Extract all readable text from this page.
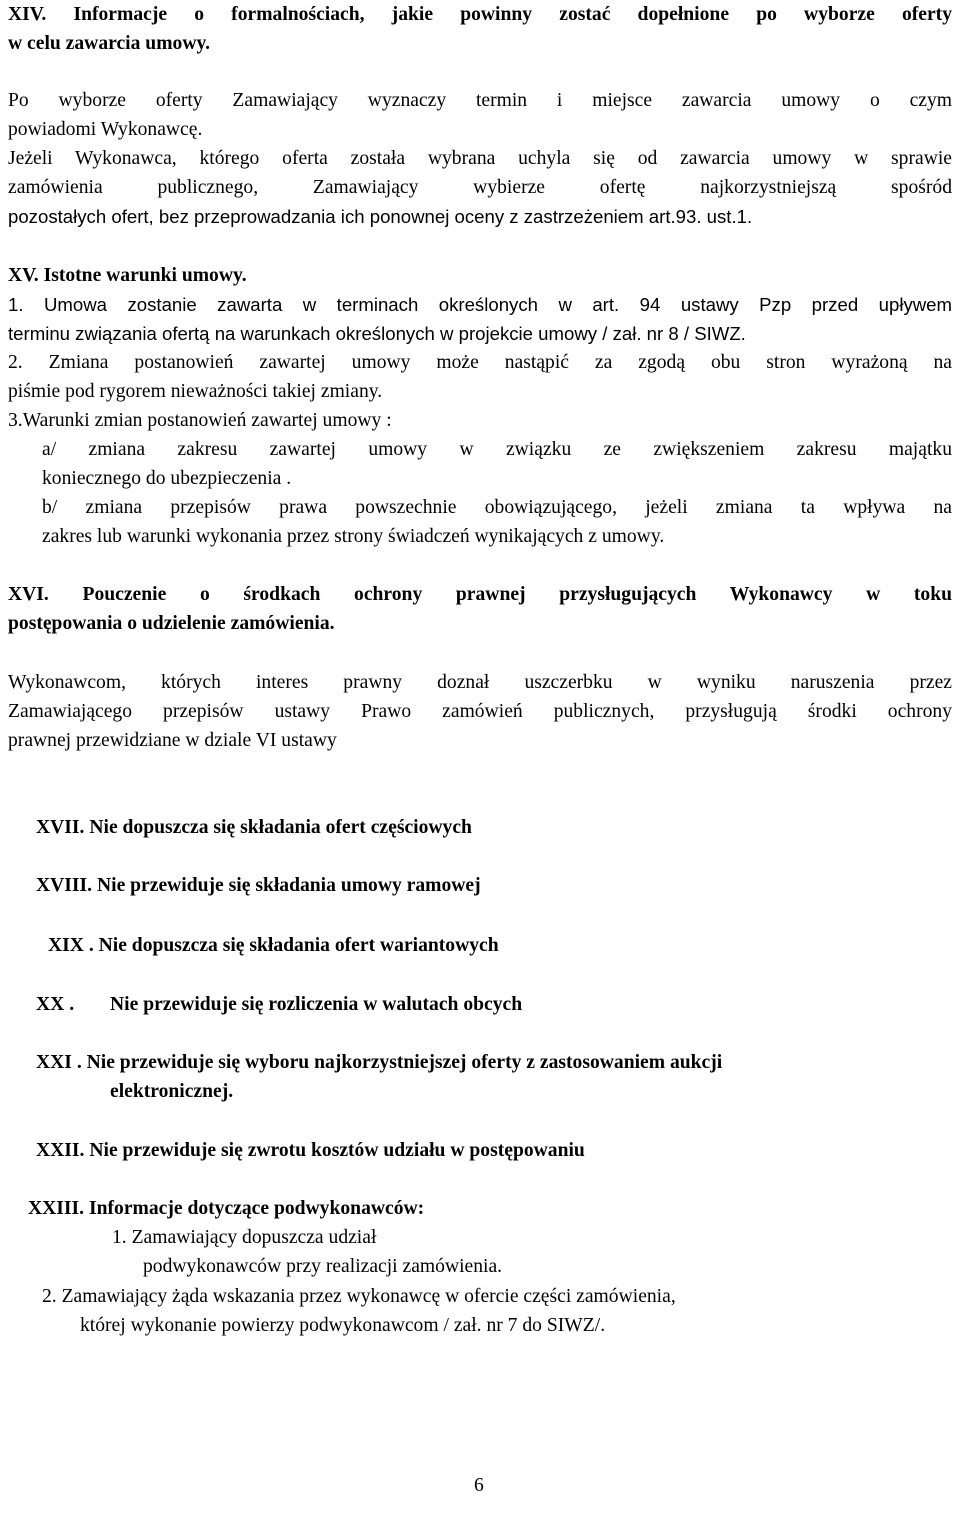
XIV. Informacje o formalnościach, jakie powinny zostać dopełnione po wyborze oferty
w celu zawarcia umowy.
Po wyborze oferty Zamawiający wyznaczy termin i miejsce zawarcia umowy o czym
powiadomi Wykonawcę.
Jeżeli Wykonawca, którego oferta została wybrana uchyla się od zawarcia umowy w sprawie
zamówienia publicznego, Zamawiający wybierze ofertę najkorzystniejszą spośród
pozostałych ofert, bez przeprowadzania ich ponownej oceny z zastrzeżeniem art.93. ust.1.
XV. Istotne warunki umowy.
1. Umowa zostanie zawarta w terminach określonych w art. 94 ustawy Pzp przed upływem
terminu związania ofertą na warunkach określonych w projekcie umowy / zał. nr 8 / SIWZ.
2. Zmiana postanowień zawartej umowy może nastąpić za zgodą obu stron wyrażoną na
piśmie pod rygorem nieważności takiej zmiany.
3.Warunki zmian postanowień zawartej umowy :
a/ zmiana zakresu zawartej umowy w związku ze zwiększeniem zakresu majątku
koniecznego do ubezpieczenia .
b/ zmiana przepisów prawa powszechnie obowiązującego, jeżeli zmiana ta wpływa na
zakres lub warunki wykonania przez strony świadczeń wynikających z umowy.
XVI. Pouczenie o środkach ochrony prawnej przysługujących Wykonawcy w toku
postępowania o udzielenie zamówienia.
Wykonawcom, których interes prawny doznał uszczerbku w wyniku naruszenia przez
Zamawiającego przepisów ustawy Prawo zamówień publicznych, przysługują środki ochrony
prawnej przewidziane w dziale VI ustawy
XVII. Nie dopuszcza się składania ofert częściowych
XVIII. Nie przewiduje się składania umowy ramowej
XIX . Nie dopuszcza się składania ofert wariantowych
XX . Nie przewiduje się rozliczenia w walutach obcych
XXI . Nie przewiduje się wyboru najkorzystniejszej oferty z zastosowaniem aukcji
elektronicznej.
XXII. Nie przewiduje się zwrotu kosztów udziału w postępowaniu
XXIII. Informacje dotyczące podwykonawców:
1. Zamawiający dopuszcza udział
podwykonawców przy realizacji zamówienia.
2. Zamawiający żąda wskazania przez wykonawcę w ofercie części zamówienia,
której wykonanie powierzy podwykonawcom / zał. nr 7 do SIWZ/.
6
